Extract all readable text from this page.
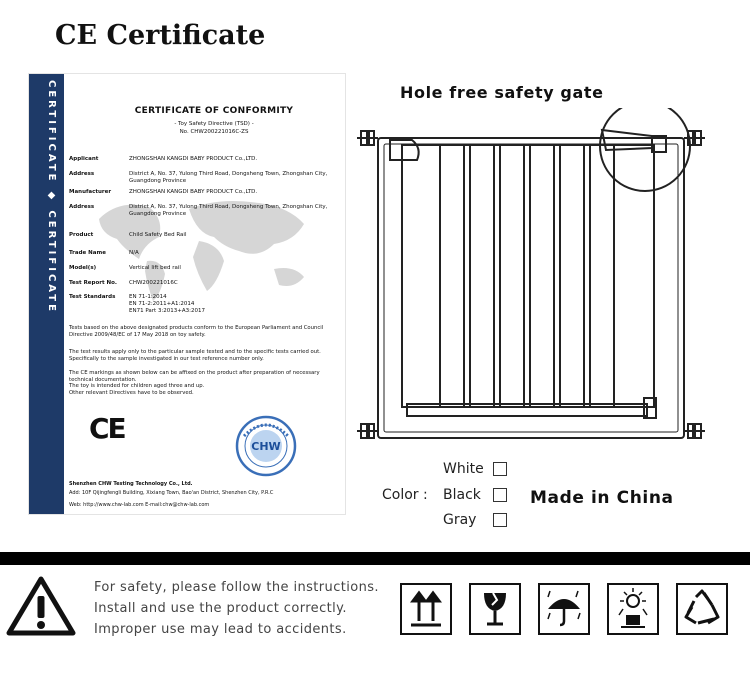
CE Certificate
CERTIFICATE ◆ CERTIFICATE	CERTIFICATE OF CONFORMITY
- Toy Safety Directive (TSD) -
No. CHW200221016C-ZS
Applicant	ZHONGSHAN KANGDI BABY PRODUCT Co.,LTD.
Address	District A, No. 37, Yulong Third Road, Dongsheng Town, Zhongshan City, Guangdong Province
Manufacturer	ZHONGSHAN KANGDI BABY PRODUCT Co.,LTD.
Address	District A, No. 37, Yulong Third Road, Dongsheng Town, Zhongshan City, Guangdong Province
Product	Child Safety Bed Rail
Trade Name	N/A
Model(s)	Vertical lift bed rail
Test Report No.	CHW200221016C
Test Standards	EN 71-1:2014
EN 71-2:2011+A1:2014
EN71 Part 3:2013+A3:2017
Tests based on the above designated products conform to the European Parliament and Council Directive 2009/48/EC of 17 May 2018 on toy safety.
The test results apply only to the particular sample tested and to the specific tests carried out. Specifically to the sample investigated in our test reference number only.
The CE markings as shown below can be affixed on the product after preparation of necessary technical documentation.
The toy is intended for children aged three and up.
Other relevant Directives have to be observed.
CE
CHW
Shenzhen CHW Testing Technology Co., Ltd.
Add: 10F Qijingfengli Building, Xixiang Town, Bao'an District, Shenzhen City, P.R.C
Web: http://www.chw-lab.com E-mail:chw@chw-lab.com
Hole free safety gate
Color :
White
Black
Gray
Made in China
For safety, please follow the instructions.
Install and use the product correctly.
Improper use may lead to accidents.
